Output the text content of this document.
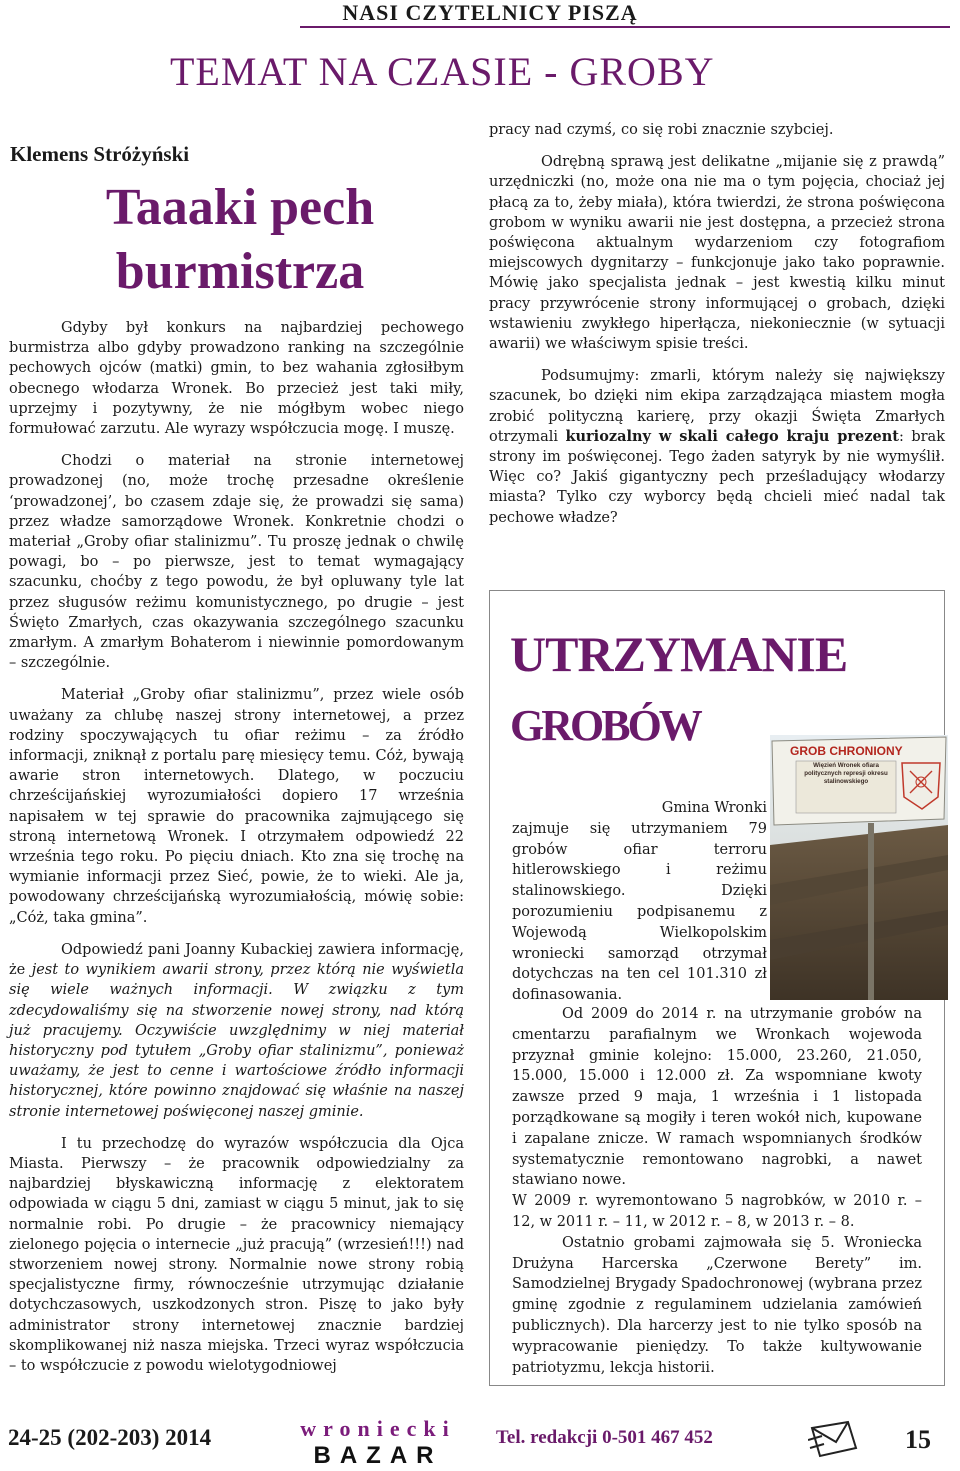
NASI CZYTELNICY PISZĄ
TEMAT NA CZASIE - GROBY
Klemens Stróżyński
Taaaki pech
burmistrza

Gdyby był konkurs na najbardziej pechowego burmistrza albo gdyby prowadzono ranking na szczególnie pechowych ojców (matki) gmin, to bez wahania zgłosiłbym obecnego włodarza Wronek. Bo przecież jest taki miły, uprzejmy i pozytywny, że nie mógłbym wobec niego formułować zarzutu. Ale wyrazy współczucia mogę. I muszę.

Chodzi o materiał na stronie internetowej prowadzonej (no, może trochę przesadne określenie ‘prowadzonej’, bo czasem zdaje się, że prowadzi się sama) przez władze samorządowe Wronek. Konkretnie chodzi o materiał „Groby ofiar stalinizmu”. Tu proszę jednak o chwilę powagi, bo – po pierwsze, jest to temat wymagający szacunku, choćby z tego powodu, że był opluwany tyle lat przez sługusów reżimu komunistycznego, po drugie – jest Święto Zmarłych, czas okazywania szczególnego szacunku zmarłym. A zmarłym Bohaterom i niewinnie pomordowanym – szczególnie.

Materiał „Groby ofiar stalinizmu”, przez wiele osób uważany za chlubę naszej strony internetowej, a przez rodziny spoczywających tu ofiar reżimu – za źródło informacji, zniknął z portalu parę miesięcy temu. Cóż, bywają awarie stron internetowych. Dlatego, w poczuciu chrześcijańskiej wyrozumiałości dopiero 17 września napisałem w tej sprawie do pracownika zajmującego się stroną internetową Wronek. I otrzymałem odpowiedź 22 września tego roku. Po pięciu dniach. Kto zna się trochę na wymianie informacji przez Sieć, powie, że to wieki. Ale ja, powodowany chrześcijańską wyrozumiałością, mówię sobie: „Cóż, taka gmina”.

Odpowiedź pani Joanny Kubackiej zawiera informację, że jest to wynikiem awarii strony, przez którą nie wyświetla się wiele ważnych informacji. W związku z tym zdecydowaliśmy się na stworzenie nowej strony, nad którą już pracujemy. Oczywiście uwzględnimy w niej materiał historyczny pod tytułem „Groby ofiar stalinizmu”, ponieważ uważamy, że jest to cenne i wartościowe źródło informacji historycznej, które powinno znajdować się właśnie na naszej stronie internetowej poświęconej naszej gminie.

I tu przechodzę do wyrazów współczucia dla Ojca Miasta. Pierwszy – że pracownik odpowiedzialny za najbardziej błyskawiczną informację z elektoratem odpowiada w ciągu 5 dni, zamiast w ciągu 5 minut, jak to się normalnie robi. Po drugie – że pracownicy niemający zielonego pojęcia o internecie „już pracują” (wrzesień!!!) nad stworzeniem nowej strony. Normalnie nowe strony robią specjalistyczne firmy, równocześnie utrzymując działanie dotychczasowych, uszkodzonych stron. Piszę to jako były administrator strony internetowej znacznie bardziej skomplikowanej niż nasza miejska. Trzeci wyraz współczucia – to współczucie z powodu wielotygodniowej

pracy nad czymś, co się robi znacznie szybciej.

Odrębną sprawą jest delikatne „mijanie się z prawdą” urzędniczki (no, może ona nie ma o tym pojęcia, chociaż jej płacą za to, żeby miała), która twierdzi, że strona poświęcona grobom w wyniku awarii nie jest dostępna, a przecież strona poświęcona aktualnym wydarzeniom czy fotografiom miejscowych dygnitarzy – funkcjonuje jako tako poprawnie. Mówię jako specjalista jednak – jest kwestią kilku minut pracy przywrócenie strony informującej o grobach, dzięki wstawieniu zwykłego hiperłącza, niekoniecznie (w sytuacji awarii) we właściwym spisie treści.

Podsumujmy: zmarli, którym należy się największy szacunek, bo dzięki nim ekipa zarządzająca miastem mogła zrobić polityczną karierę, przy okazji Święta Zmarłych otrzymali kuriozalny w skali całego kraju prezent: brak strony im poświęconej. Tego żaden satyryk by nie wymyślił. Więc co? Jakiś gigantyczny pech prześladujący włodarzy miasta? Tylko czy wyborcy będą chcieli mieć nadal tak pechowe władze?

UTRZYMANIE
GROBÓW
GROB CHRONIONY
Więzień Wronek ofiara politycznych represji okresu stalinowskiego
Gmina Wronki
zajmuje się utrzymaniem 79 grobów ofiar terroru hitlerowskiego i reżimu stalinowskiego. Dzięki porozumieniu podpisanemu z Wojewodą Wielkopolskim wroniecki samorząd otrzymał dotychczas na ten cel 101.310 zł dofinasowania.

Od 2009 do 2014 r. na utrzymanie grobów na cmentarzu parafialnym we Wronkach wojewoda przyznał gminie kolejno: 15.000, 23.260, 21.050, 15.000, 15.000 i 12.000 zł. Za wspomniane kwoty zawsze przed 9 maja, 1 września i 1 listopada porządkowane są mogiły i teren wokół nich, kupowane i zapalane znicze. W ramach wspomnianych środków systematycznie remontowano nagrobki, a nawet stawiano nowe.

W 2009 r. wyremontowano 5 nagrobków, w 2010 r. – 12, w 2011 r. – 11, w 2012 r. – 8, w 2013 r. – 8.

Ostatnio grobami zajmowała się 5. Wroniecka Drużyna Harcerska „Czerwone Berety” im. Samodzielnej Brygady Spadochronowej (wybrana przez gminę zgodnie z regulaminem udzielania zamówień publicznych). Dla harcerzy jest to nie tylko sposób na wypracowanie pieniędzy. To także kultywowanie patriotyzmu, lekcja historii.

24-25 (202-203) 2014	wroniecki
BAZAR
Tel. redakcji 0-501 467 452	15
